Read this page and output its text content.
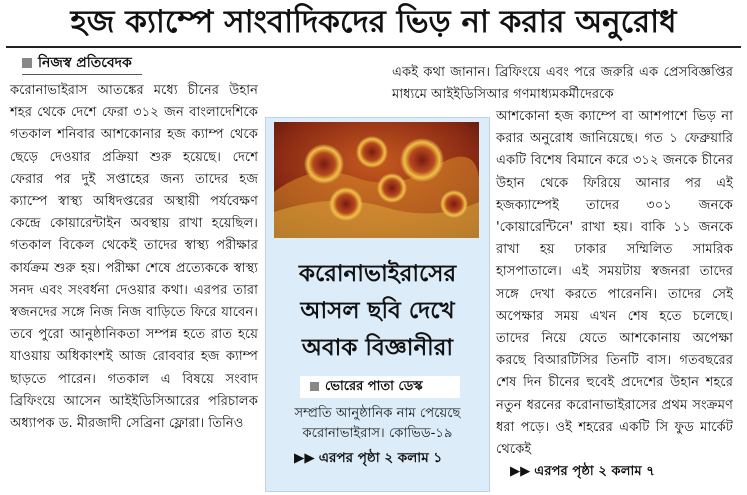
হজ ক্যাম্পে সাংবাদিকদের ভিড় না করার অনুরোধ
নিজস্ব প্রতিবেদক

করোনাভাইরাস আতঙ্কের মধ্যে চীনের উহান শহর থেকে দেশে ফেরা ৩১২ জন বাংলাদেশিকে গতকাল শনিবার আশকোনার হজ ক্যাম্প থেকে ছেড়ে দেওয়ার প্রক্রিয়া শুরু হয়েছে। দেশে ফেরার পর দুই সপ্তাহের জন্য তাদের হজ ক্যাম্পে স্বাস্থ্য অধিদপ্তরের অস্থায়ী পর্যবেক্ষণ কেন্দ্রে কোয়ারেন্টাইন অবস্থায় রাখা হয়েছিল। গতকাল বিকেল থেকেই তাদের স্বাস্থ্য পরীক্ষার কার্যক্রম শুরু হয়। পরীক্ষা শেষে প্রত্যেককে স্বাস্থ্য সনদ এবং সংবর্ধনা দেওয়ার কথা। এরপর তারা স্বজনদের সঙ্গে নিজ নিজ বাড়িতে ফিরে যাবেন। তবে পুরো আনুষ্ঠানিকতা সম্পন্ন হতে রাত হয়ে যাওয়ায় অধিকাংশই আজ রোববার হজ ক্যাম্প ছাড়তে পারেন। গতকাল এ বিষয়ে সংবাদ ব্রিফিংয়ে আসেন আইইডিসিআরের পরিচালক অধ্যাপক ড. মীরজাদী সেব্রিনা ফ্লোরা। তিনিও

একই কথা জানান। ব্রিফিংয়ে এবং পরে জরুরি এক প্রেসবিজ্ঞপ্তির মাধ্যমে আইইডিসিআর গণমাধ্যমকর্মীদেরকে

আশকোনা হজ ক্যাম্পে বা আশপাশে ভিড় না করার অনুরোধ জানিয়েছে। গত ১ ফেব্রুয়ারি একটি বিশেষ বিমানে করে ৩১২ জনকে চীনের উহান থেকে ফিরিয়ে আনার পর এই হজক্যাম্পেই তাদের ৩০১ জনকে 'কোয়ারেন্টিনে' রাখা হয়। বাকি ১১ জনকে রাখা হয় ঢাকার সম্মিলিত সামরিক হাসপাতালে। এই সময়টায় স্বজনরা তাদের সঙ্গে দেখা করতে পারেননি। তাদের সেই অপেক্ষার সময় এখন শেষ হতে চলেছে। তাদের নিয়ে যেতে আশকোনায় অপেক্ষা করছে বিআরটিসির তিনটি বাস। গতবছরের শেষ দিন চীনের হুবেই প্রদেশের উহান শহরে নতুন ধরনের করোনাভাইরাসের প্রথম সংক্রমণ ধরা পড়ে। ওই শহরের একটি সি ফুড মার্কেট থেকেই

▶▶ এরপর পৃষ্ঠা ২ কলাম ৭
করোনাভাইরাসের
আসল ছবি দেখে
অবাক বিজ্ঞানীরা
ভোরের পাতা ডেস্ক
সম্প্রতি আনুষ্ঠানিক নাম পেয়েছে করোনাভাইরাস। কোভিড-১৯
▶▶ এরপর পৃষ্ঠা ২ কলাম ১
